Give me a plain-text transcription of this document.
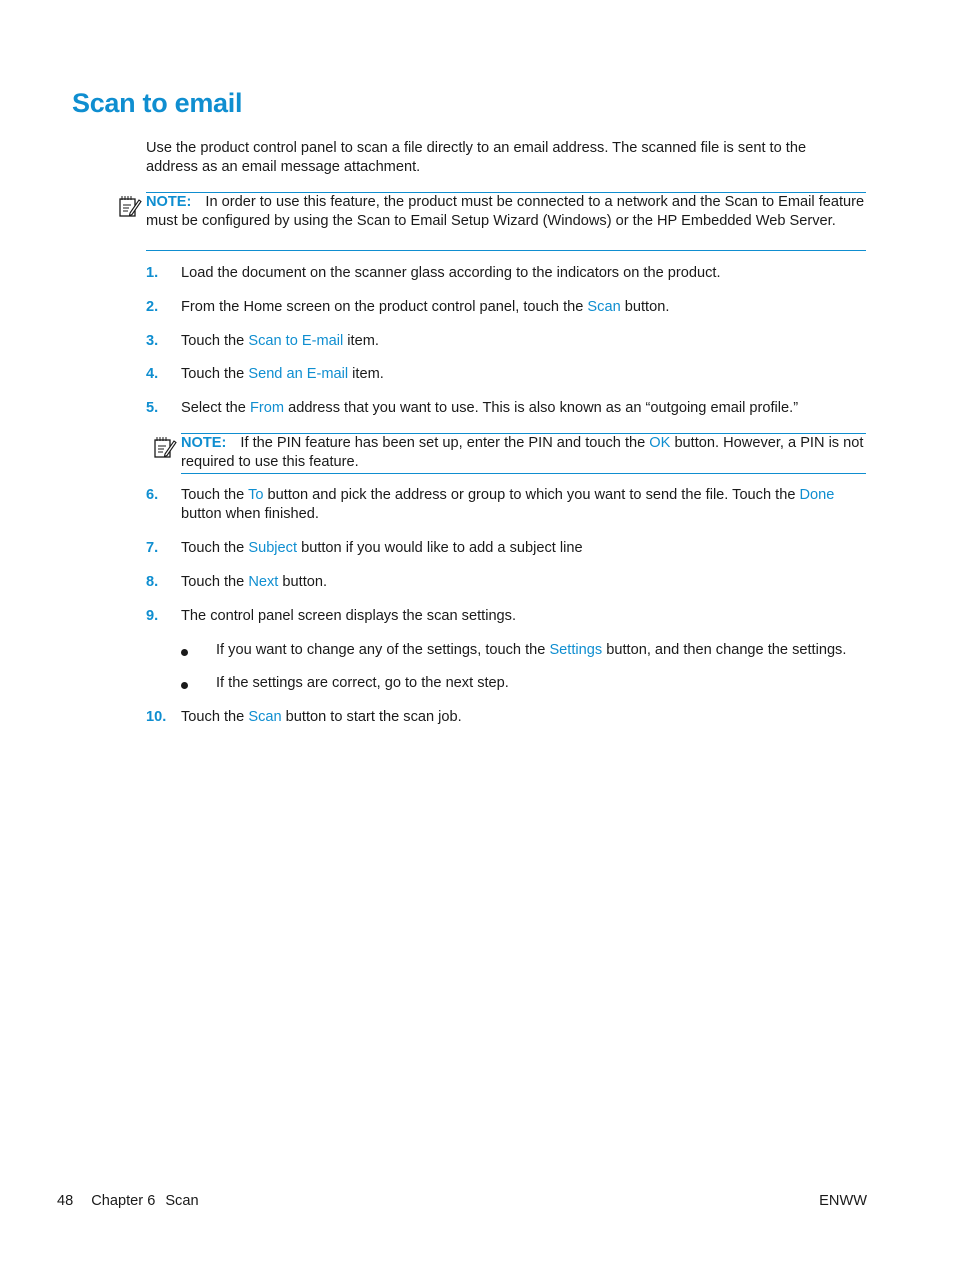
Scan to email

Use the product control panel to scan a file directly to an email address. The scanned file is sent to the address as an email message attachment.

NOTE: In order to use this feature, the product must be connected to a network and the Scan to Email feature must be configured by using the Scan to Email Setup Wizard (Windows) or the HP Embedded Web Server.
1. Load the document on the scanner glass according to the indicators on the product.
2. From the Home screen on the product control panel, touch the Scan button.
3. Touch the Scan to E-mail item.
4. Touch the Send an E-mail item.
5. Select the From address that you want to use. This is also known as an “outgoing email profile.”
NOTE: If the PIN feature has been set up, enter the PIN and touch the OK button. However, a PIN is not required to use this feature.
6. Touch the To button and pick the address or group to which you want to send the file. Touch the Done button when finished.
7. Touch the Subject button if you would like to add a subject line
8. Touch the Next button.
9. The control panel screen displays the scan settings.
If you want to change any of the settings, touch the Settings button, and then change the settings.
If the settings are correct, go to the next step.
10. Touch the Scan button to start the scan job.
48 Chapter 6 Scan	ENWW
